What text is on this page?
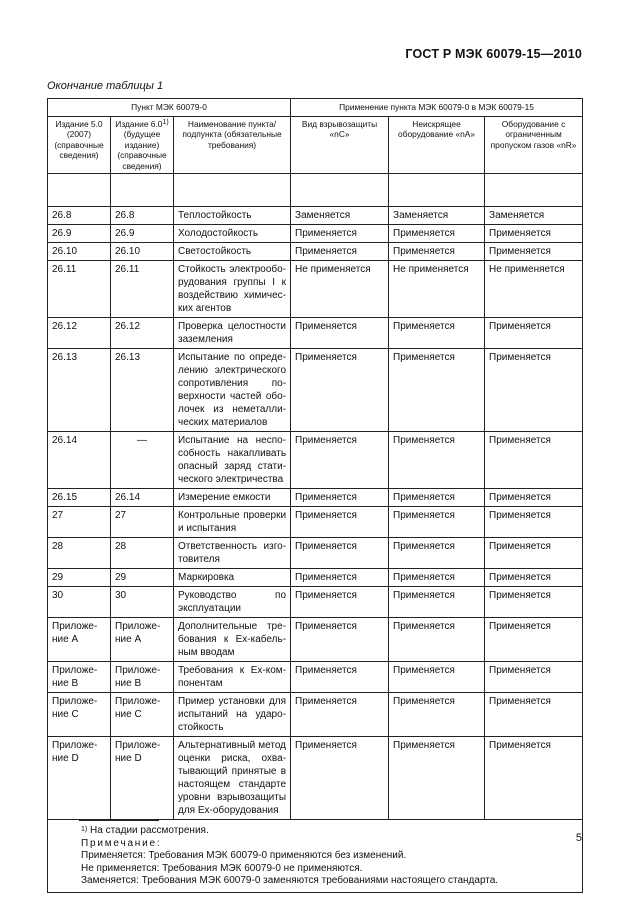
ГОСТ Р МЭК 60079-15—2010
Окончание таблицы 1
Пункт МЭК 60079-0			Применение пункта МЭК 60079-0 в МЭК 60079-15		
Издание 5.0 (2007) (справочные сведения)	Издание 6.0$^{1)}$ (будущее издание) (справочные сведения)	Наименование пункта/подпункта (обязательные требования)	Вид взрывозащиты «nC»	Неискрящее оборудование «nA»	Оборудование с ограниченным пропуском газов «nR»

26.8	26.8	Теплостойкость	Заменяется	Заменяется	Заменяется
26.9	26.9	Холодостойкость	Применяется	Применяется	Применяется
26.10	26.10	Светостойкость	Применяется	Применяется	Применяется
26.11	26.11	Стойкость электрооборудования группы I к воздействию химических агентов	Не применяется	Не применяется	Не применяется
26.12	26.12	Проверка целостности заземления	Применяется	Применяется	Применяется
26.13	26.13	Испытание по определению электрического сопротивления поверхности частей оболочек из неметаллических материалов	Применяется	Применяется	Применяется
26.14	—	Испытание на неспособность накапливать опасный заряд статического электричества	Применяется	Применяется	Применяется
26.15	26.14	Измерение емкости	Применяется	Применяется	Применяется
27	27	Контрольные проверки и испытания	Применяется	Применяется	Применяется
28	28	Ответственность изготовителя	Применяется	Применяется	Применяется
29	29	Маркировка	Применяется	Применяется	Применяется
30	30	Руководство по эксплуатации	Применяется	Применяется	Применяется
Приложение A	Приложение A	Дополнительные требования к Ex-кабельным вводам	Применяется	Применяется	Применяется
Приложение B	Приложение B	Требования к Ex-компонентам	Применяется	Применяется	Применяется
Приложение C	Приложение C	Пример установки для испытаний на ударостойкость	Применяется	Применяется	Применяется
Приложение D	Приложение D	Альтернативный метод оценки риска, охватывающий принятые в настоящем стандарте уровни взрывозащиты для Ex-оборудования	Применяется	Применяется	Применяется

$^{1)}$ На стадии рассмотрения.
Примечание:
Применяется: Требования МЭК 60079-0 применяются без изменений.
Не применяется: Требования МЭК 60079-0 не применяются.
Заменяется: Требования МЭК 60079-0 заменяются требованиями настоящего стандарта.					
5
